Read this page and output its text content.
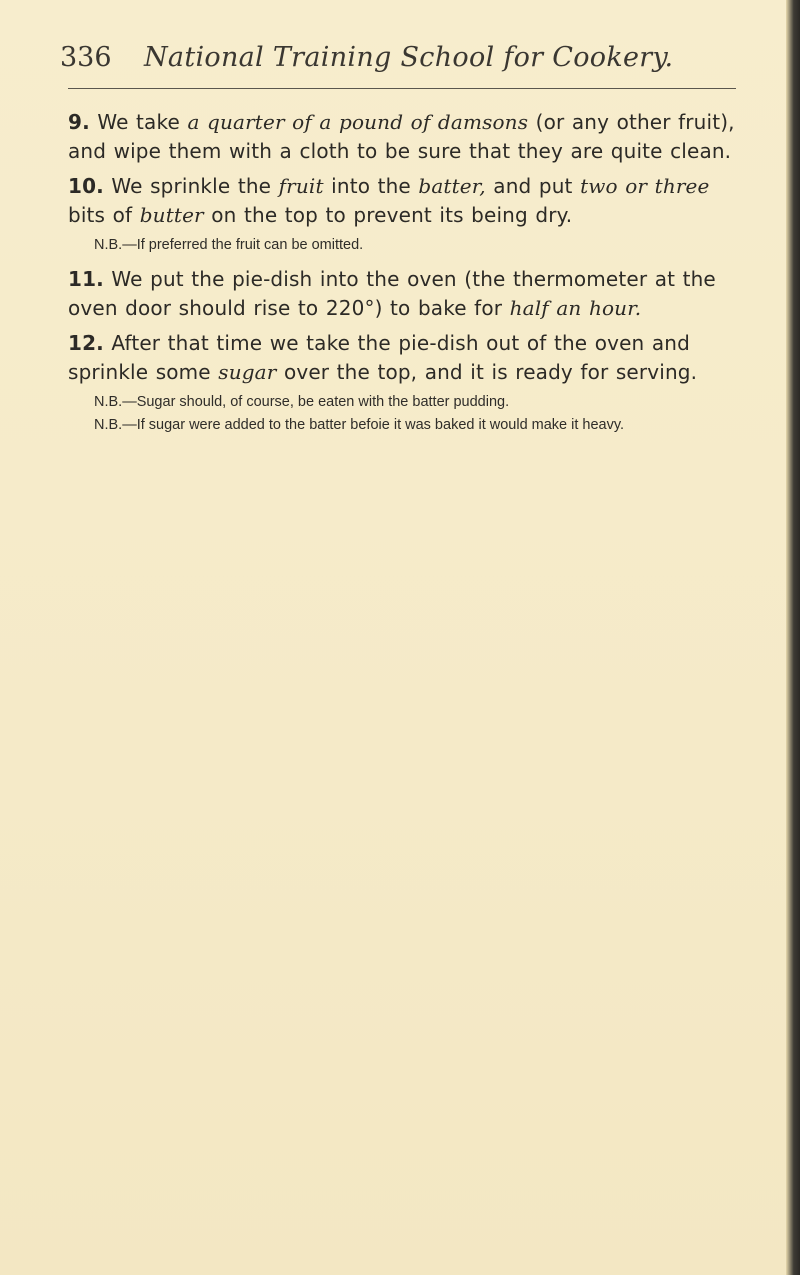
336 National Training School for Cookery.

9. We take a quarter of a pound of damsons (or any other fruit), and wipe them with a cloth to be sure that they are quite clean.

10. We sprinkle the fruit into the batter, and put two or three bits of butter on the top to prevent its being dry.

N.B.—If preferred the fruit can be omitted.

11. We put the pie-dish into the oven (the thermometer at the oven door should rise to 220°) to bake for half an hour.

12. After that time we take the pie-dish out of the oven and sprinkle some sugar over the top, and it is ready for serving.

N.B.—Sugar should, of course, be eaten with the batter pudding.

N.B.—If sugar were added to the batter befoie it was baked it would make it heavy.
